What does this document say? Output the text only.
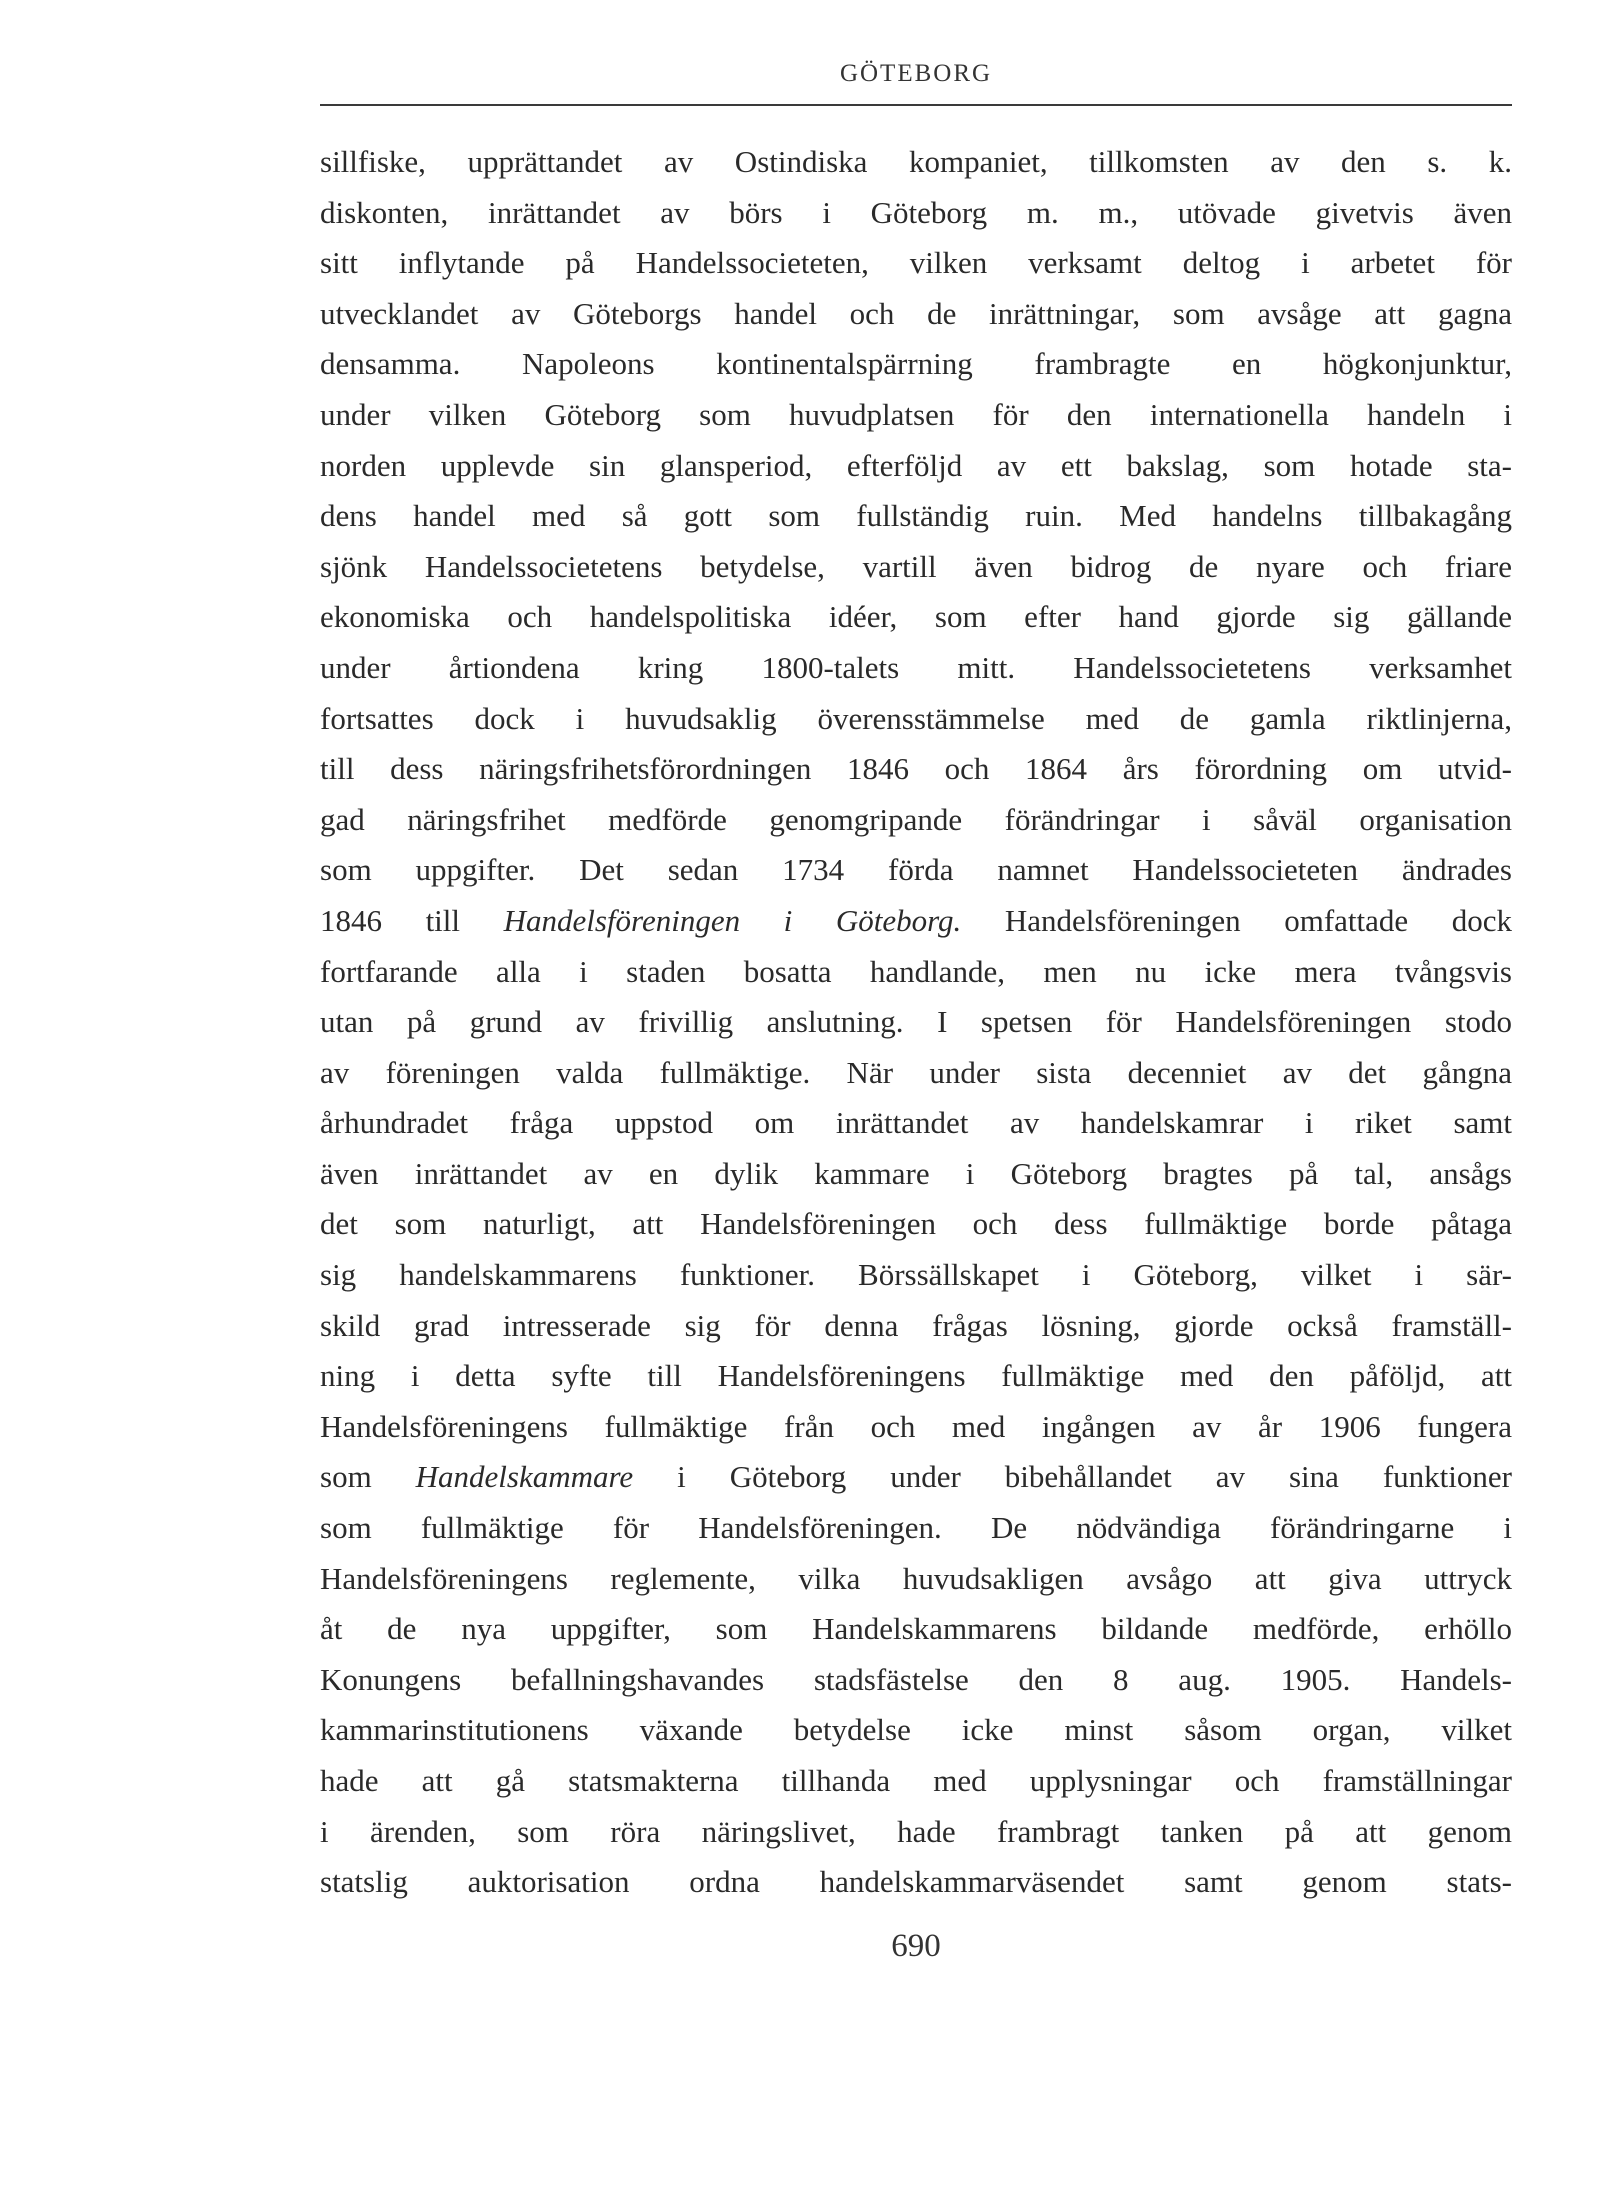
GÖTEBORG
sillfiske, upprättandet av Ostindiska kompaniet, tillkomsten av den s. k.
diskonten, inrättandet av börs i Göteborg m. m., utövade givetvis även
sitt inflytande på Handelssocieteten, vilken verksamt deltog i arbetet för
utvecklandet av Göteborgs handel och de inrättningar, som avsåge att gagna
densamma. Napoleons kontinentalspärrning frambragte en högkonjunktur,
under vilken Göteborg som huvudplatsen för den internationella handeln i
norden upplevde sin glansperiod, efterföljd av ett bakslag, som hotade sta-
dens handel med så gott som fullständig ruin. Med handelns tillbakagång
sjönk Handelssocietetens betydelse, vartill även bidrog de nyare och friare
ekonomiska och handelspolitiska idéer, som efter hand gjorde sig gällande
under årtiondena kring 1800-talets mitt. Handelssocietetens verksamhet
fortsattes dock i huvudsaklig överensstämmelse med de gamla riktlinjerna,
till dess näringsfrihetsförordningen 1846 och 1864 års förordning om utvid-
gad näringsfrihet medförde genomgripande förändringar i såväl organisation
som uppgifter. Det sedan 1734 förda namnet Handelssocieteten ändrades
1846 till Handelsföreningen i Göteborg. Handelsföreningen omfattade dock
fortfarande alla i staden bosatta handlande, men nu icke mera tvångsvis
utan på grund av frivillig anslutning. I spetsen för Handelsföreningen stodo
av föreningen valda fullmäktige. När under sista decenniet av det gångna
århundradet fråga uppstod om inrättandet av handelskamrar i riket samt
även inrättandet av en dylik kammare i Göteborg bragtes på tal, ansågs
det som naturligt, att Handelsföreningen och dess fullmäktige borde påtaga
sig handelskammarens funktioner. Börssällskapet i Göteborg, vilket i sär-
skild grad intresserade sig för denna frågas lösning, gjorde också framställ-
ning i detta syfte till Handelsföreningens fullmäktige med den påföljd, att
Handelsföreningens fullmäktige från och med ingången av år 1906 fungera
som Handelskammare i Göteborg under bibehållandet av sina funktioner
som fullmäktige för Handelsföreningen. De nödvändiga förändringarne i
Handelsföreningens reglemente, vilka huvudsakligen avsågo att giva uttryck
åt de nya uppgifter, som Handelskammarens bildande medförde, erhöllo
Konungens befallningshavandes stadsfästelse den 8 aug. 1905. Handels-
kammarinstitutionens växande betydelse icke minst såsom organ, vilket
hade att gå statsmakterna tillhanda med upplysningar och framställningar
i ärenden, som röra näringslivet, hade frambragt tanken på att genom
statslig auktorisation ordna handelskammarväsendet samt genom stats-
690
